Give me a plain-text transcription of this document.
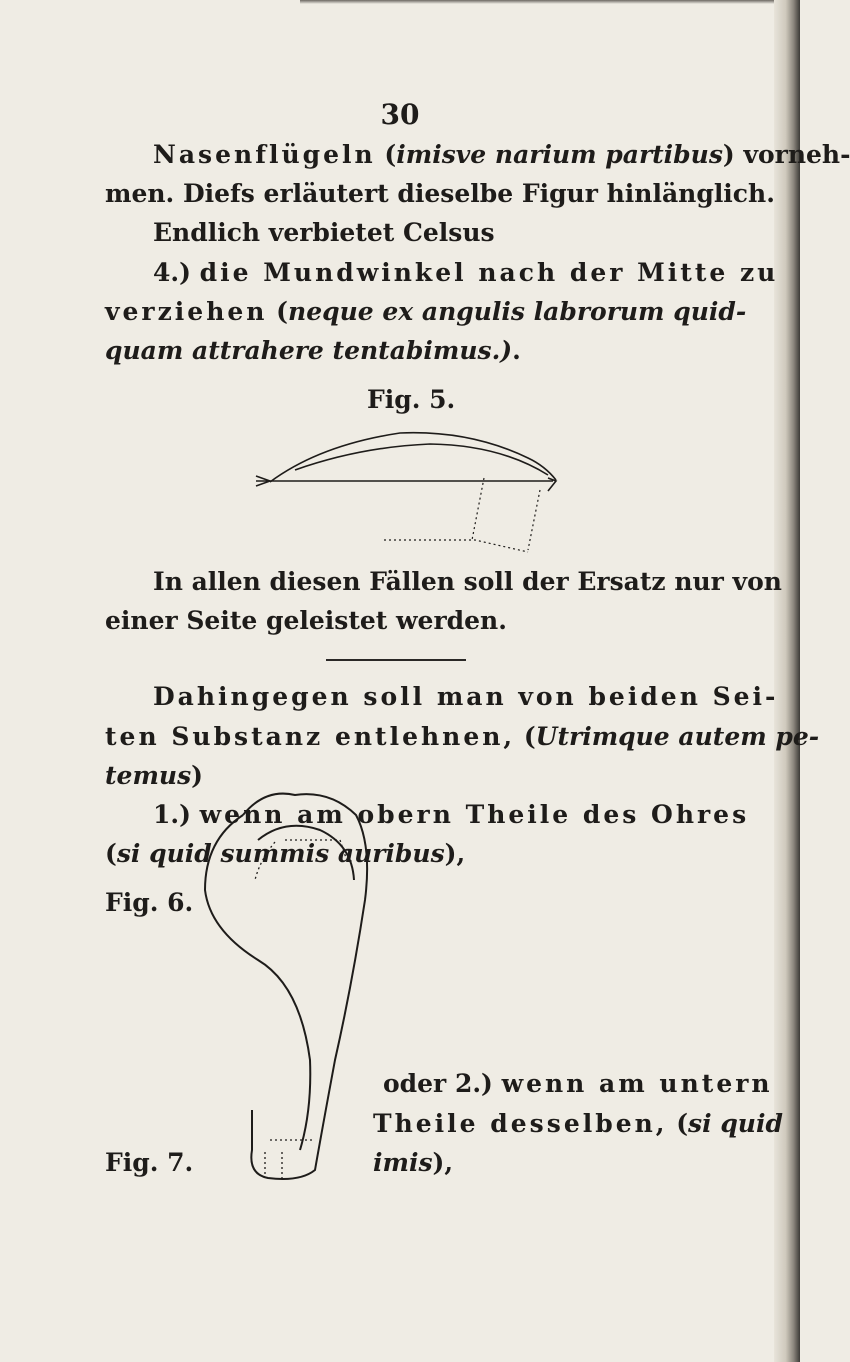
30
Nasenflügeln (imisve narium partibus) vorneh-
men. Diefs erläutert dieselbe Figur hinlänglich.
Endlich verbietet Celsus
4.) die Mundwinkel nach der Mitte zu
verziehen (neque ex angulis labrorum quid-
quam attrahere tentabimus.).
Fig. 5.
In allen diesen Fällen soll der Ersatz nur von
einer Seite geleistet werden.
Dahingegen soll man von beiden Sei-
ten Substanz entlehnen, (Utrimque autem pe-
temus)
1.) wenn am obern Theile des Ohres
(si quid summis auribus),
Fig. 6.
Fig. 7.
oder 2.) wenn am untern
Theile desselben, (si quid
imis),
